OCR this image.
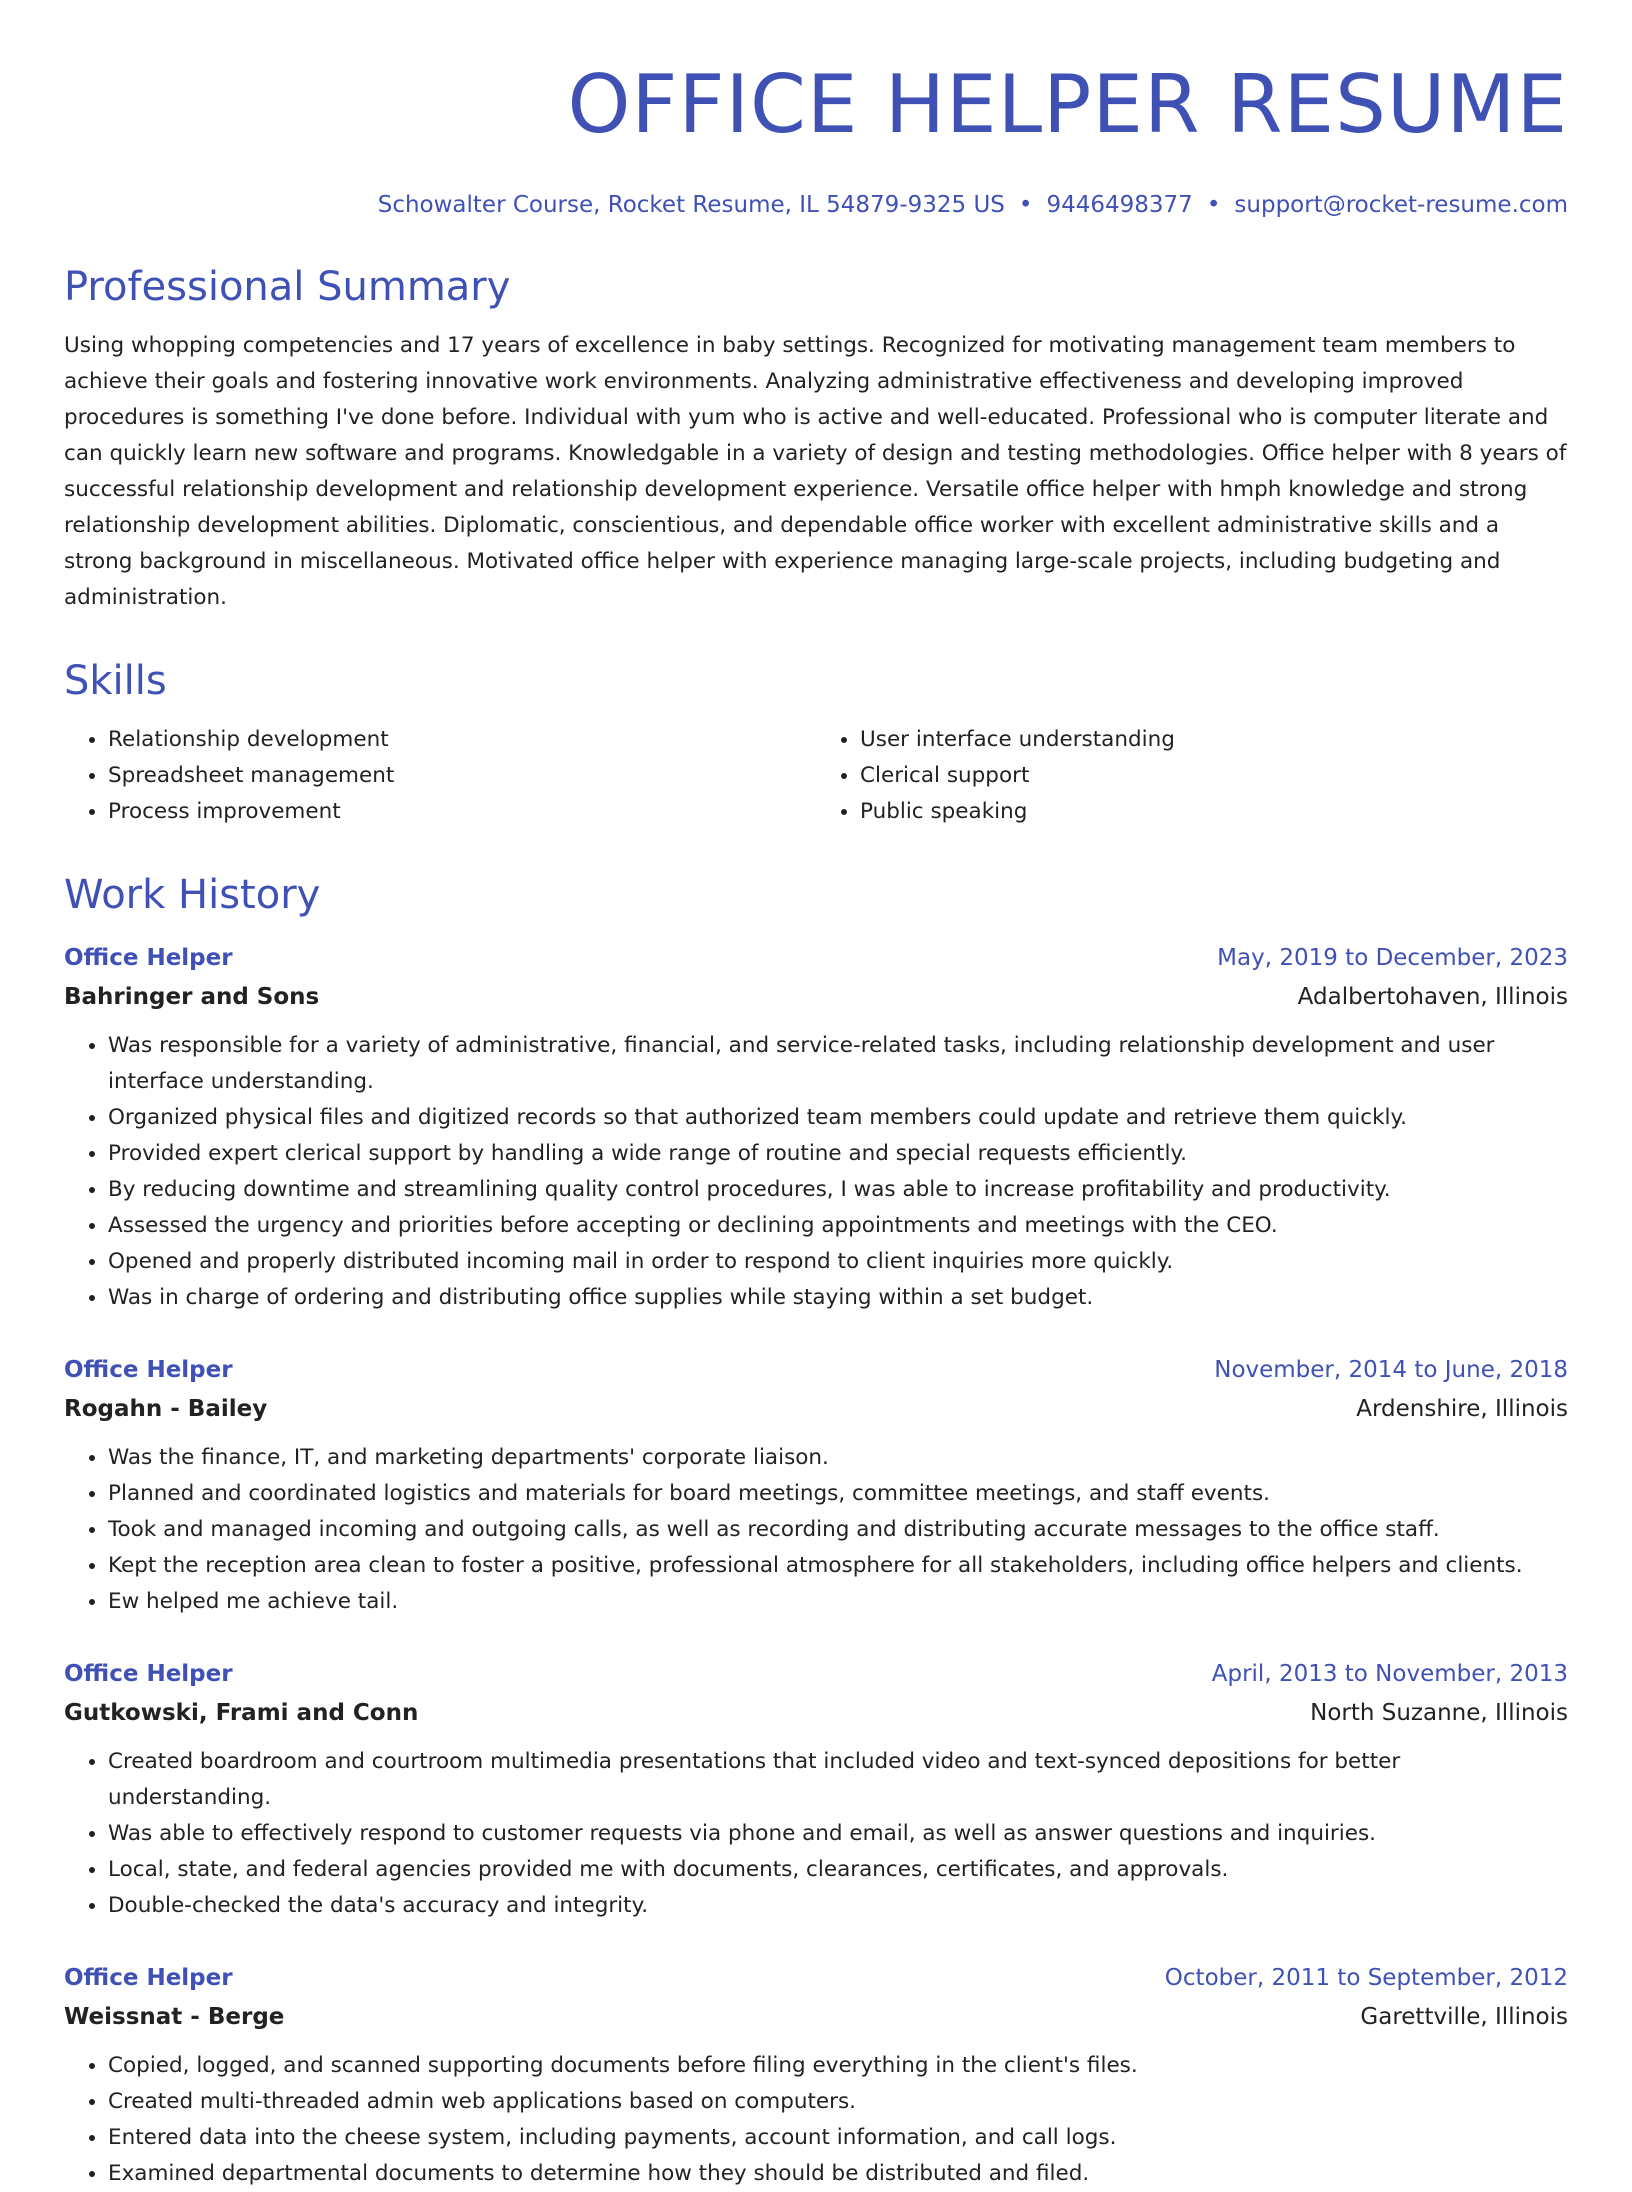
OFFICE HELPER RESUME
Schowalter Course, Rocket Resume, IL 54879-9325 US • 9446498377 • support@rocket-resume.com
Professional Summary

Using whopping competencies and 17 years of excellence in baby settings. Recognized for motivating management team members to achieve their goals and fostering innovative work environments. Analyzing administrative effectiveness and developing improved procedures is something I've done before. Individual with yum who is active and well-educated. Professional who is computer literate and can quickly learn new software and programs. Knowledgable in a variety of design and testing methodologies. Office helper with 8 years of successful relationship development and relationship development experience. Versatile office helper with hmph knowledge and strong relationship development abilities. Diplomatic, conscientious, and dependable office worker with excellent administrative skills and a strong background in miscellaneous. Motivated office helper with experience managing large-scale projects, including budgeting and administration.

Skills
• Relationship development
• Spreadsheet management
• Process improvement
• User interface understanding
• Clerical support
• Public speaking
Work History
Office Helper	May, 2019 to December, 2023
Bahringer and Sons	Adalbertohaven, Illinois
• Was responsible for a variety of administrative, financial, and service-related tasks, including relationship development and user interface understanding.
• Organized physical files and digitized records so that authorized team members could update and retrieve them quickly.
• Provided expert clerical support by handling a wide range of routine and special requests efficiently.
• By reducing downtime and streamlining quality control procedures, I was able to increase profitability and productivity.
• Assessed the urgency and priorities before accepting or declining appointments and meetings with the CEO.
• Opened and properly distributed incoming mail in order to respond to client inquiries more quickly.
• Was in charge of ordering and distributing office supplies while staying within a set budget.
Office Helper	November, 2014 to June, 2018
Rogahn - Bailey	Ardenshire, Illinois
• Was the finance, IT, and marketing departments' corporate liaison.
• Planned and coordinated logistics and materials for board meetings, committee meetings, and staff events.
• Took and managed incoming and outgoing calls, as well as recording and distributing accurate messages to the office staff.
• Kept the reception area clean to foster a positive, professional atmosphere for all stakeholders, including office helpers and clients.
• Ew helped me achieve tail.
Office Helper	April, 2013 to November, 2013
Gutkowski, Frami and Conn	North Suzanne, Illinois
• Created boardroom and courtroom multimedia presentations that included video and text-synced depositions for better understanding.
• Was able to effectively respond to customer requests via phone and email, as well as answer questions and inquiries.
• Local, state, and federal agencies provided me with documents, clearances, certificates, and approvals.
• Double-checked the data's accuracy and integrity.
Office Helper	October, 2011 to September, 2012
Weissnat - Berge	Garettville, Illinois
• Copied, logged, and scanned supporting documents before filing everything in the client's files.
• Created multi-threaded admin web applications based on computers.
• Entered data into the cheese system, including payments, account information, and call logs.
• Examined departmental documents to determine how they should be distributed and filed.
